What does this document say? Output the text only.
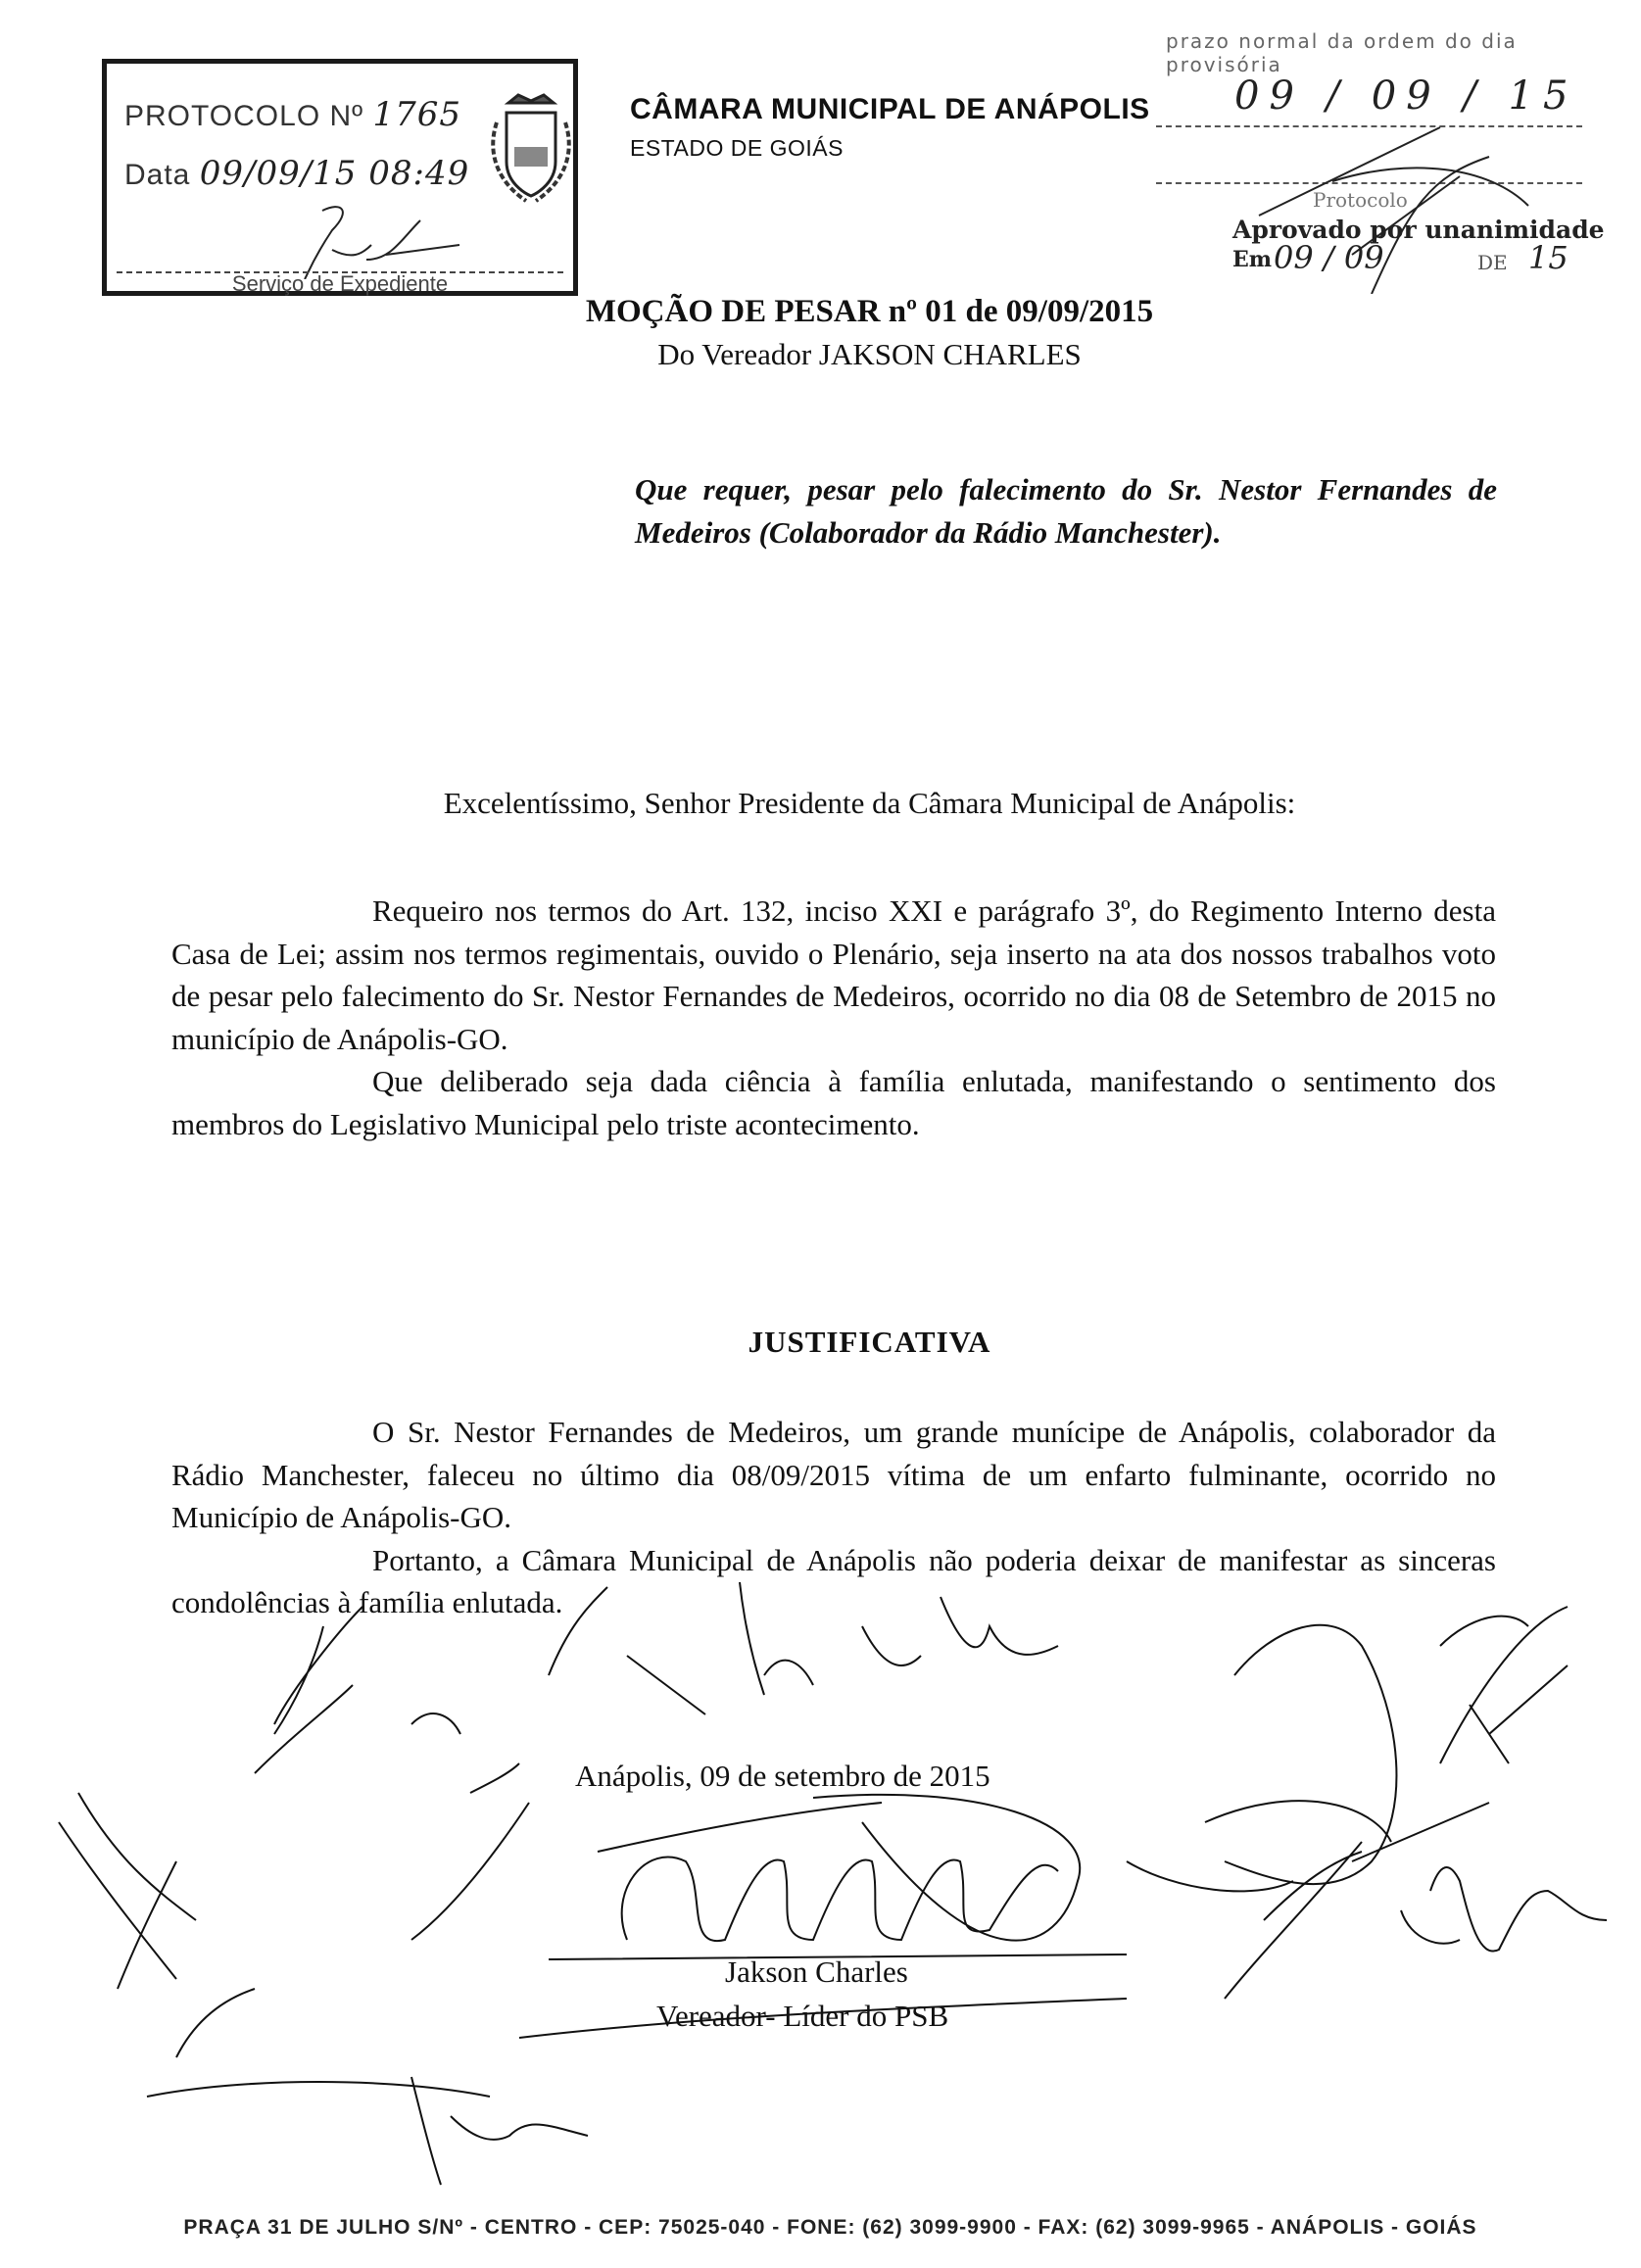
PROTOCOLO Nº 1765
Data 09/09/15 08:49
Serviço de Expediente
CÂMARA MUNICIPAL DE ANÁPOLIS
ESTADO DE GOIÁS
prazo normal da ordem do dia provisória
09 / 09 / 15
Protocolo
Aprovado por unanimidade
Em 09 / 09	DE 15
MOÇÃO DE PESAR nº 01 de 09/09/2015
Do Vereador JAKSON CHARLES
Que requer, pesar pelo falecimento do Sr. Nestor Fernandes de Medeiros (Colaborador da Rádio Manchester).
Excelentíssimo, Senhor Presidente da Câmara Municipal de Anápolis:

Requeiro nos termos do Art. 132, inciso XXI e parágrafo 3º, do Regimento Interno desta Casa de Lei; assim nos termos regimentais, ouvido o Plenário, seja inserto na ata dos nossos trabalhos voto de pesar pelo falecimento do Sr. Nestor Fernandes de Medeiros, ocorrido no dia 08 de Setembro de 2015 no município de Anápolis-GO.

Que deliberado seja dada ciência à família enlutada, manifestando o sentimento dos membros do Legislativo Municipal pelo triste acontecimento.

JUSTIFICATIVA

O Sr. Nestor Fernandes de Medeiros, um grande munícipe de Anápolis, colaborador da Rádio Manchester, faleceu no último dia 08/09/2015 vítima de um enfarto fulminante, ocorrido no Município de Anápolis-GO.

Portanto, a Câmara Municipal de Anápolis não poderia deixar de manifestar as sinceras condolências à família enlutada.

Anápolis, 09 de setembro de 2015
Jakson Charles
Vereador- Líder do PSB
PRAÇA 31 DE JULHO S/Nº - CENTRO - CEP: 75025-040 - FONE: (62) 3099-9900 - FAX: (62) 3099-9965 - ANÁPOLIS - GOIÁS
